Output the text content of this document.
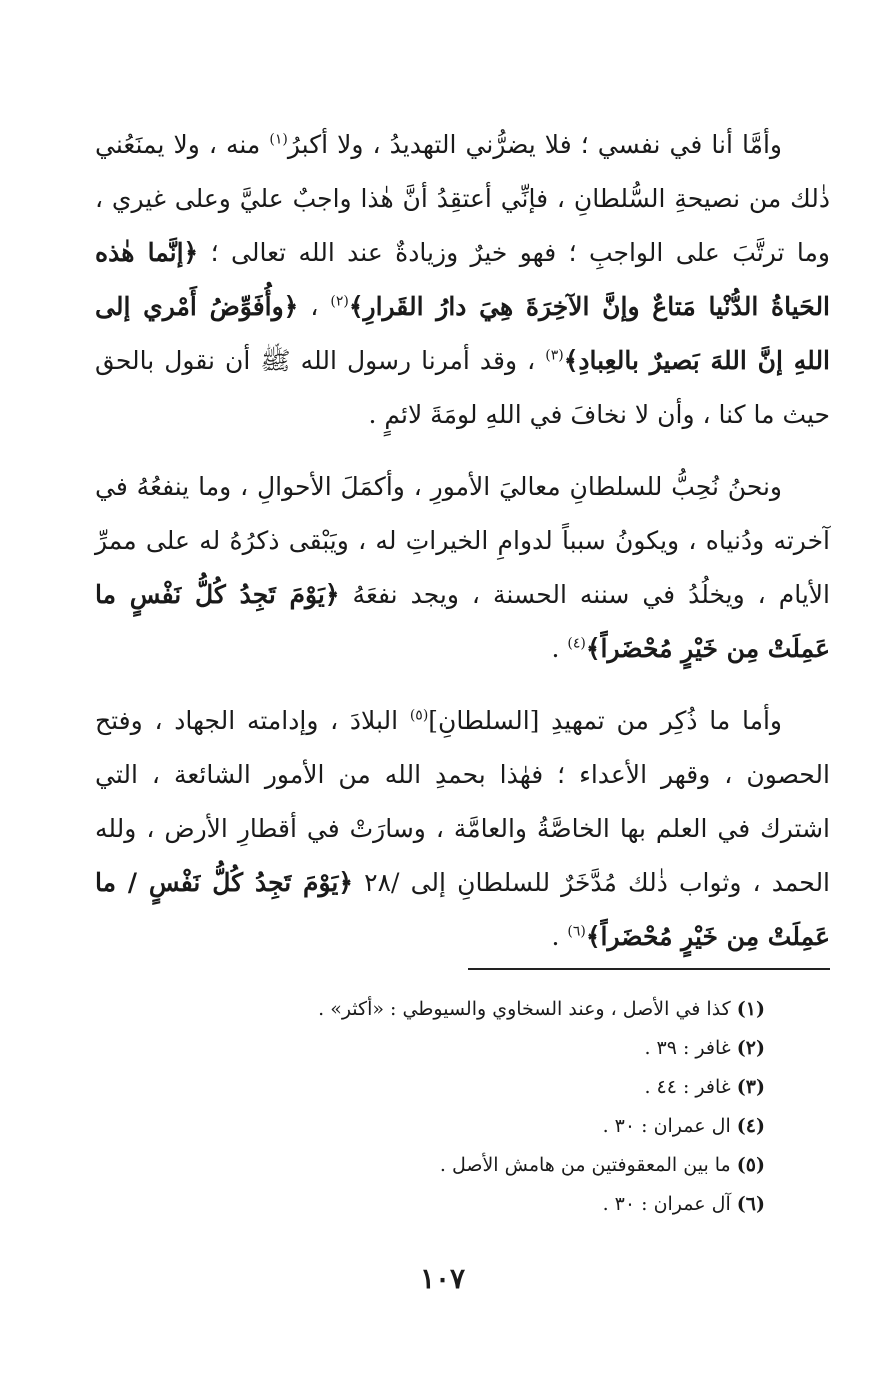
وأمَّا أنا في نفسي ؛ فلا يضرُّني التهديدُ ، ولا أكبرُ$^{(١)}$ منه ، ولا يمنَعُني ذٰلك من نصيحةِ السُّلطانِ ، فإنِّي أعتقِدُ أنَّ هٰذا واجبٌ عليَّ وعلى غيري ، وما ترتَّبَ على الواجبِ ؛ فهو خيرٌ وزيادةٌ عند الله تعالى ؛ ﴿إنَّما هٰذه الحَياةُ الدُّنْيا مَتاعٌ وإنَّ الآخِرَةَ هِيَ دارُ القَرارِ﴾$^{(٢)}$ ، ﴿وأُفَوِّضُ أَمْري إلى اللهِ إنَّ اللهَ بَصيرٌ بالعِبادِ﴾$^{(٣)}$ ، وقد أمرنا رسول الله ﷺ أن نقول بالحق حيث ما كنا ، وأن لا نخافَ في اللهِ لومَةَ لائمٍ .

ونحنُ نُحِبُّ للسلطانِ معاليَ الأمورِ ، وأكمَلَ الأحوالِ ، وما ينفعُهُ في آخرته ودُنياه ، ويكونُ سبباً لدوامِ الخيراتِ له ، ويَبْقى ذكرُهُ له على ممرِّ الأيام ، ويخلُدُ في سننه الحسنة ، ويجد نفعَهُ ﴿يَوْمَ تَجِدُ كُلُّ نَفْسٍ ما عَمِلَتْ مِن خَيْرٍ مُحْضَراً﴾$^{(٤)}$ .

وأما ما ذُكِر من تمهيدِ [السلطانِ]$^{(٥)}$ البلادَ ، وإدامته الجهاد ، وفتح الحصون ، وقهر الأعداء ؛ فهٰذا بحمدِ الله من الأمور الشائعة ، التي اشترك في العلم بها الخاصَّةُ والعامَّة ، وسارَتْ في أقطارِ الأرض ، ولله الحمد ، وثواب ذٰلك مُدَّخَرٌ للسلطانِ إلى /٢٨ ﴿يَوْمَ تَجِدُ كُلُّ نَفْسٍ / ما عَمِلَتْ مِن خَيْرٍ مُحْضَراً﴾$^{(٦)}$ .

(١) كذا في الأصل ، وعند السخاوي والسيوطي : «أكثر» .
(٢) غافر : ٣٩ .
(٣) غافر : ٤٤ .
(٤) ال عمران : ٣٠ .
(٥) ما بين المعقوفتين من هامش الأصل .
(٦) آل عمران : ٣٠ .
١٠٧
